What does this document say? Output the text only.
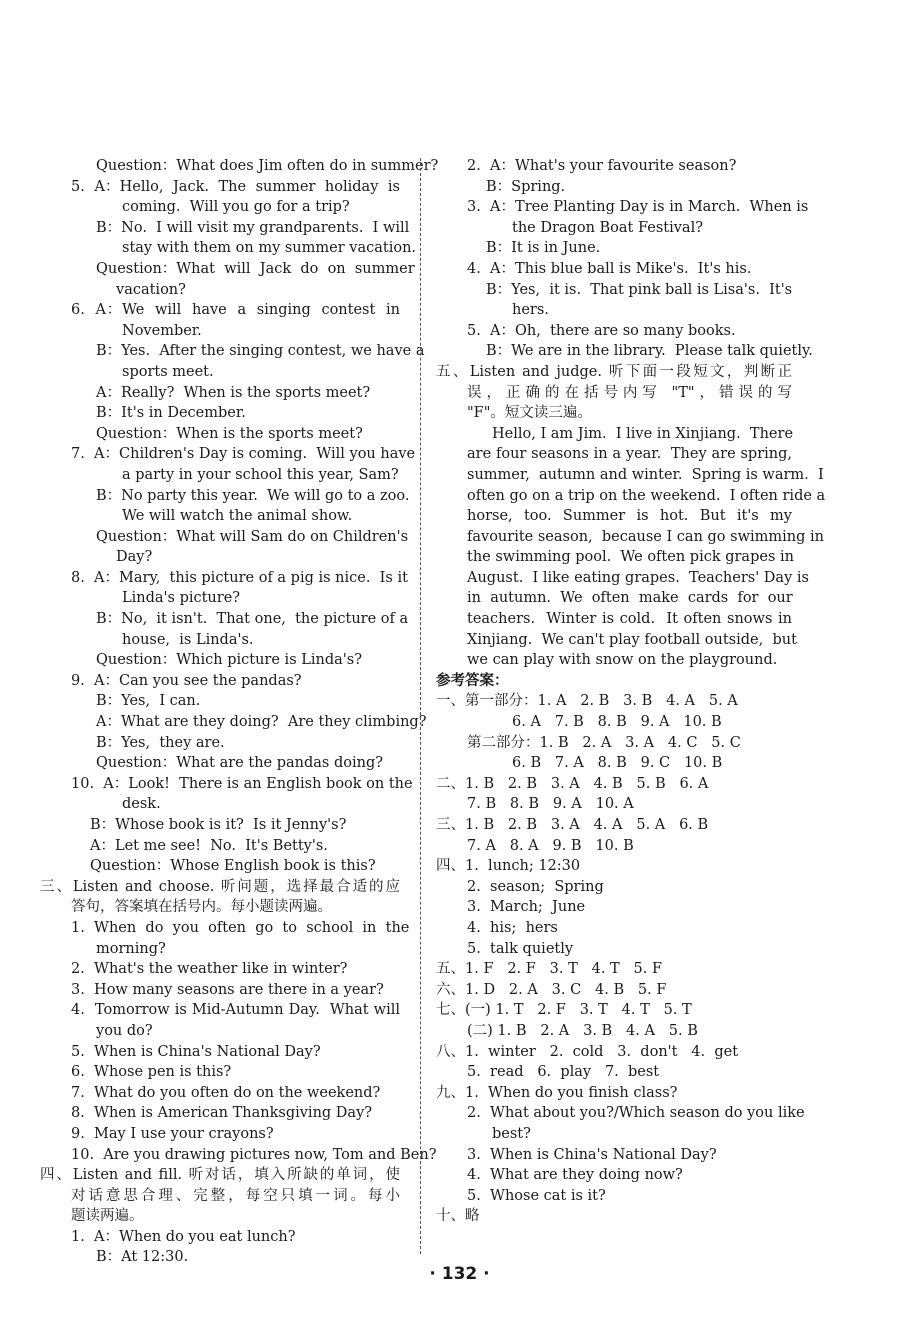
Question：What does Jim often do in summer?
5.  A：Hello,  Jack.  The  summer  holiday  is
coming.  Will you go for a trip?
B：No.  I will visit my grandparents.  I will
stay with them on my summer vacation.
Question：What  will  Jack  do  on  summer
vacation?
6.  A：We  will  have  a  singing  contest  in
November.
B：Yes.  After the singing contest, we have a
sports meet.
A：Really?  When is the sports meet?
B：It's in December.
Question：When is the sports meet?
7.  A：Children's Day is coming.  Will you have
a party in your school this year, Sam?
B：No party this year.  We will go to a zoo.
We will watch the animal show.
Question：What will Sam do on Children's
Day?
8.  A：Mary,  this picture of a pig is nice.  Is it
Linda's picture?
B：No,  it isn't.  That one,  the picture of a
house,  is Linda's.
Question：Which picture is Linda's?
9.  A：Can you see the pandas?
B：Yes,  I can.
A：What are they doing?  Are they climbing?
B：Yes,  they are.
Question：What are the pandas doing?
10.  A：Look!  There is an English book on the
desk.
B：Whose book is it?  Is it Jenny's?
A：Let me see!  No.  It's Betty's.
Question：Whose English book is this?
三、Listen and choose. 听问题，选择最合适的应
答句，答案填在括号内。每小题读两遍。
1.  When  do  you  often  go  to  school  in  the
morning?
2.  What's the weather like in winter?
3.  How many seasons are there in a year?
4.  Tomorrow is Mid-Autumn Day.  What will
you do?
5.  When is China's National Day?
6.  Whose pen is this?
7.  What do you often do on the weekend?
8.  When is American Thanksgiving Day?
9.  May I use your crayons?
10.  Are you drawing pictures now, Tom and Ben?
四、Listen and fill. 听对话，填入所缺的单词，使
对话意思合理、完整，每空只填一词。每小
题读两遍。
1.  A：When do you eat lunch?
B：At 12:30.
2.  A：What's your favourite season?
B：Spring.
3.  A：Tree Planting Day is in March.  When is
the Dragon Boat Festival?
B：It is in June.
4.  A：This blue ball is Mike's.  It's his.
B：Yes,  it is.  That pink ball is Lisa's.  It's
hers.
5.  A：Oh,  there are so many books.
B：We are in the library.  Please talk quietly.
五、Listen and judge. 听下面一段短文，判断正
误，正确的在括号内写 "T"，错误的写
"F"。短文读三遍。
Hello, I am Jim.  I live in Xinjiang.  There
are four seasons in a year.  They are spring,
summer,  autumn and winter.  Spring is warm.  I
often go on a trip on the weekend.  I often ride a
horse,  too.  Summer  is  hot.  But  it's  my
favourite season,  because I can go swimming in
the swimming pool.  We often pick grapes in
August.  I like eating grapes.  Teachers' Day is
in  autumn.  We  often  make  cards  for  our
teachers.  Winter is cold.  It often snows in
Xinjiang.  We can't play football outside,  but
we can play with snow on the playground.
参考答案：
一、第一部分：1. A   2. B   3. B   4. A   5. A
6. A   7. B   8. B   9. A   10. B
第二部分：1. B   2. A   3. A   4. C   5. C
6. B   7. A   8. B   9. C   10. B
二、1. B   2. B   3. A   4. B   5. B   6. A
7. B   8. B   9. A   10. A
三、1. B   2. B   3. A   4. A   5. A   6. B
7. A   8. A   9. B   10. B
四、1.  lunch; 12:30
2.  season;  Spring
3.  March;  June
4.  his;  hers
5.  talk quietly
五、1. F   2. F   3. T   4. T   5. F
六、1. D   2. A   3. C   4. B   5. F
七、(一) 1. T   2. F   3. T   4. T   5. T
(二) 1. B   2. A   3. B   4. A   5. B
八、1.  winter   2.  cold   3.  don't   4.  get
5.  read   6.  play   7.  best
九、1.  When do you finish class?
2.  What about you?/Which season do you like
best?
3.  When is China's National Day?
4.  What are they doing now?
5.  Whose cat is it?
十、略
· 132 ·
